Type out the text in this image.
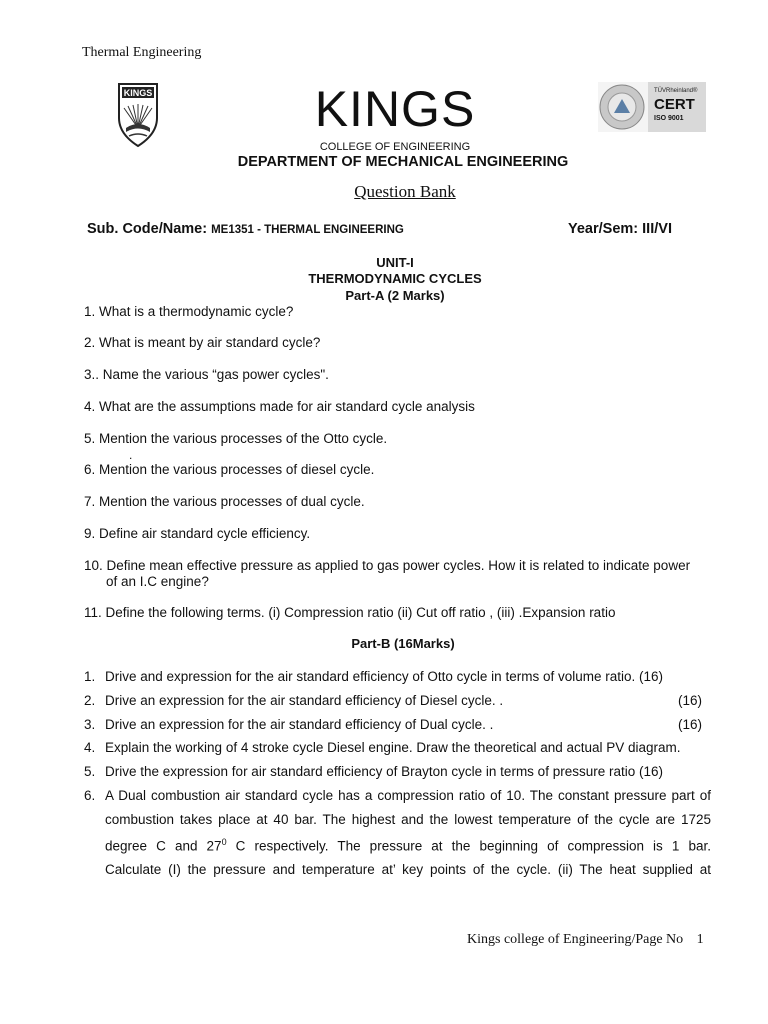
Thermal Engineering
KINGS	KINGS
COLLEGE OF ENGINEERING
TÜVRheinland®
CERT
ISO 9001
DEPARTMENT OF MECHANICAL ENGINEERING
Question Bank
Sub. Code/Name: ME1351 - THERMAL ENGINEERING	Year/Sem: III/VI
UNIT-I
THERMODYNAMIC CYCLES
Part-A (2 Marks)
1. What is a thermodynamic cycle?
2. What is meant by air standard cycle?
3.. Name the various “gas power cycles".
4. What are the assumptions made for air standard cycle analysis
5. Mention the various processes of the Otto cycle.
.
6. Mention the various processes of diesel cycle.
7. Mention the various processes of dual cycle.
9. Define air standard cycle efficiency.
10. Define mean effective pressure as applied to gas power cycles. How it is related to indicate power
of an I.C engine?
11. Define the following terms. (i) Compression ratio (ii) Cut off ratio , (iii) .Expansion ratio
Part-B (16Marks)
1. Drive and expression for the air standard efficiency of Otto cycle in terms of volume ratio. (16)
2. Drive an expression for the air standard efficiency of Diesel cycle. .	(16)
3. Drive an expression for the air standard efficiency of Dual cycle. .	(16)
4. Explain the working of 4 stroke cycle Diesel engine. Draw the theoretical and actual PV diagram.
5. Drive the expression for air standard efficiency of Brayton cycle in terms of pressure ratio (16)
6. A Dual combustion air standard cycle has a compression ratio of 10. The constant pressure part of
combustion takes place at 40 bar. The highest and the lowest temperature of the cycle are 1725
degree C and $27^0$ C respectively. The pressure at the beginning of compression is 1 bar.
Calculate (I) the pressure and temperature at’ key points of the cycle. (ii) The heat supplied at
Kings college of Engineering/Page No 1
